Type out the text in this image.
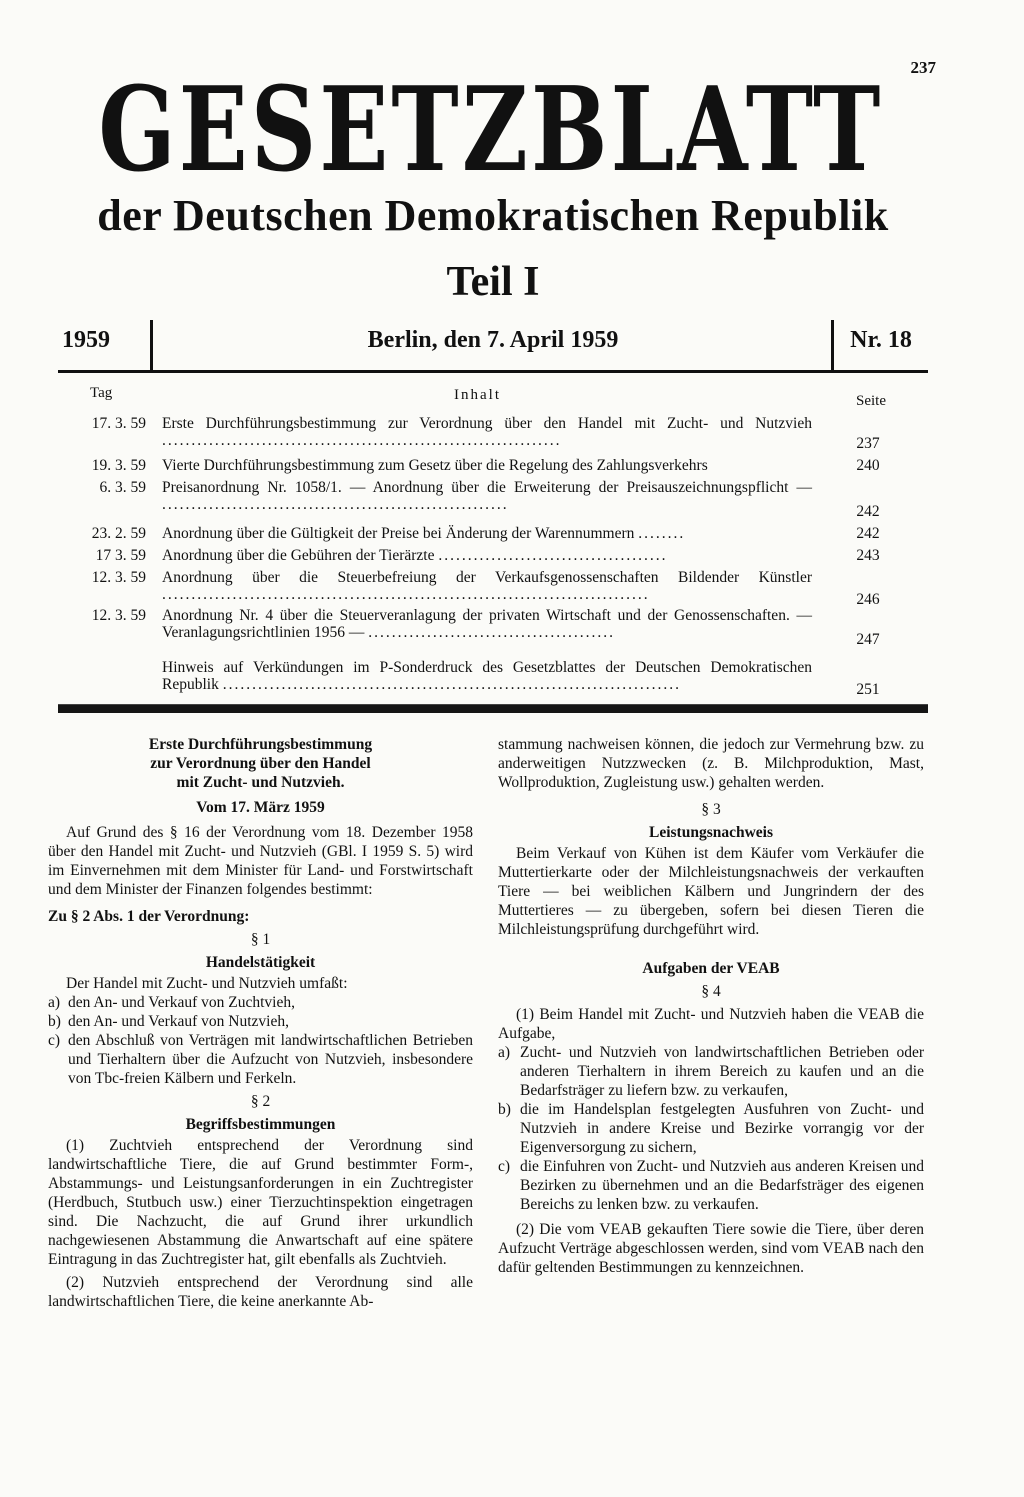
237
GESETZBLATT
der Deutschen Demokratischen Republik
Teil I
1959	Berlin, den 7. April 1959	Nr. 18
Tag	Inhalt	Seite
17. 3. 59 Erste Durchführungsbestimmung zur Verordnung über den Handel mit Zucht- und Nutzvieh ....................................................................	237
19. 3. 59 Vierte Durchführungsbestimmung zum Gesetz über die Regelung des Zahlungsverkehrs	240
6. 3. 59 Preisanordnung Nr. 1058/1. — Anordnung über die Erweiterung der Preisauszeichnungspflicht — ...........................................................	242
23. 2. 59 Anordnung über die Gültigkeit der Preise bei Änderung der Warennummern ........	242
17 3. 59 Anordnung über die Gebühren der Tierärzte .......................................	243
12. 3. 59 Anordnung über die Steuerbefreiung der Verkaufsgenossenschaften Bildender Künstler ...................................................................................	246
12. 3. 59 Anordnung Nr. 4 über die Steuerveranlagung der privaten Wirtschaft und der Genossenschaften. — Veranlagungsrichtlinien 1956 — ..........................................	247
Hinweis auf Verkündungen im P-Sonderdruck des Gesetzblattes der Deutschen Demokratischen Republik ..............................................................................	251
Erste Durchführungsbestimmung
zur Verordnung über den Handel
mit Zucht- und Nutzvieh.
Vom 17. März 1959

Auf Grund des § 16 der Verordnung vom 18. Dezember 1958 über den Handel mit Zucht- und Nutzvieh (GBl. I 1959 S. 5) wird im Einvernehmen mit dem Minister für Land- und Forstwirtschaft und dem Minister der Finanzen folgendes bestimmt:

Zu § 2 Abs. 1 der Verordnung:
§ 1
Handelstätigkeit

Der Handel mit Zucht- und Nutzvieh umfaßt:

a) den An- und Verkauf von Zuchtvieh,

b) den An- und Verkauf von Nutzvieh,

c) den Abschluß von Verträgen mit landwirtschaftlichen Betrieben und Tierhaltern über die Aufzucht von Nutzvieh, insbesondere von Tbc-freien Kälbern und Ferkeln.

§ 2
Begriffsbestimmungen

(1) Zuchtvieh entsprechend der Verordnung sind landwirtschaftliche Tiere, die auf Grund bestimmter Form-, Abstammungs- und Leistungsanforderungen in ein Zuchtregister (Herdbuch, Stutbuch usw.) einer Tierzuchtinspektion eingetragen sind. Die Nachzucht, die auf Grund ihrer urkundlich nachgewiesenen Abstammung die Anwartschaft auf eine spätere Eintragung in das Zuchtregister hat, gilt ebenfalls als Zuchtvieh.

(2) Nutzvieh entsprechend der Verordnung sind alle landwirtschaftlichen Tiere, die keine anerkannte Ab-

stammung nachweisen können, die jedoch zur Vermehrung bzw. zu anderweitigen Nutzzwecken (z. B. Milchproduktion, Mast, Wollproduktion, Zugleistung usw.) gehalten werden.

§ 3
Leistungsnachweis

Beim Verkauf von Kühen ist dem Käufer vom Verkäufer die Muttertierkarte oder der Milchleistungsnachweis der verkauften Tiere — bei weiblichen Kälbern und Jungrindern der des Muttertieres — zu übergeben, sofern bei diesen Tieren die Milchleistungsprüfung durchgeführt wird.

Aufgaben der VEAB
§ 4

(1) Beim Handel mit Zucht- und Nutzvieh haben die VEAB die Aufgabe,

a) Zucht- und Nutzvieh von landwirtschaftlichen Betrieben oder anderen Tierhaltern in ihrem Bereich zu kaufen und an die Bedarfsträger zu liefern bzw. zu verkaufen,

b) die im Handelsplan festgelegten Ausfuhren von Zucht- und Nutzvieh in andere Kreise und Bezirke vorrangig vor der Eigenversorgung zu sichern,

c) die Einfuhren von Zucht- und Nutzvieh aus anderen Kreisen und Bezirken zu übernehmen und an die Bedarfsträger des eigenen Bereichs zu lenken bzw. zu verkaufen.

(2) Die vom VEAB gekauften Tiere sowie die Tiere, über deren Aufzucht Verträge abgeschlossen werden, sind vom VEAB nach den dafür geltenden Bestimmungen zu kennzeichnen.
